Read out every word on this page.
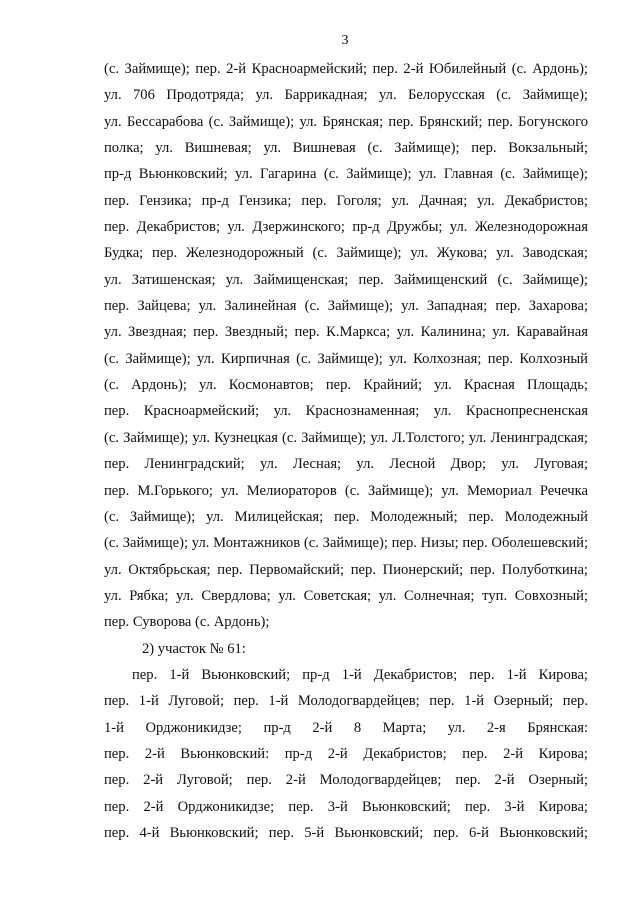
3
(с. Займище); пер. 2-й Красноармейский; пер. 2-й Юбилейный (с. Ардонь);
ул. 706 Продотряда; ул. Баррикадная; ул. Белорусская (с. Займище);
ул. Бессарабова (с. Займище); ул. Брянская; пер. Брянский; пер. Богунского
полка; ул. Вишневая; ул. Вишневая (с. Займище); пер. Вокзальный;
пр-д Вьюнковский; ул. Гагарина (с. Займище); ул. Главная (с. Займище);
пер. Гензика; пр-д Гензика; пер. Гоголя; ул. Дачная; ул. Декабристов;
пер. Декабристов; ул. Дзержинского; пр-д Дружбы; ул. Железнодорожная
Будка; пер. Железнодорожный (с. Займище); ул. Жукова; ул. Заводская;
ул. Затишенская; ул. Займищенская; пер. Займищенский (с. Займище);
пер. Зайцева; ул. Залинейная (с. Займище); ул. Западная; пер. Захарова;
ул. Звездная; пер. Звездный; пер. К.Маркса; ул. Калинина; ул. Каравайная
(с. Займище); ул. Кирпичная (с. Займище); ул. Колхозная; пер. Колхозный
(с. Ардонь); ул. Космонавтов; пер. Крайний; ул. Красная Площадь;
пер. Красноармейский; ул. Краснознаменная; ул. Краснопресненская
(с. Займище); ул. Кузнецкая (с. Займище); ул. Л.Толстого; ул. Ленинградская;
пер. Ленинградский; ул. Лесная; ул. Лесной Двор; ул. Луговая;
пер. М.Горького; ул. Мелиораторов (с. Займище); ул. Мемориал Речечка
(с. Займище); ул. Милицейская; пер. Молодежный; пер. Молодежный
(с. Займище); ул. Монтажников (с. Займище); пер. Низы; пер. Оболешевский;
ул. Октябрьская; пер. Первомайский; пер. Пионерский; пер. Полуботкина;
ул. Рябка; ул. Свердлова; ул. Советская; ул. Солнечная; туп. Совхозный;
пер. Суворова (с. Ардонь);
2) участок № 61:
пер. 1-й Вьюнковский; пр-д 1-й Декабристов; пер. 1-й Кирова;
пер. 1-й Луговой; пер. 1-й Молодогвардейцев; пер. 1-й Озерный; пер.
1-й Орджоникидзе; пр-д 2-й 8 Марта; ул. 2-я Брянская:
пер. 2-й Вьюнковский: пр-д 2-й Декабристов; пер. 2-й Кирова;
пер. 2-й Луговой; пер. 2-й Молодогвардейцев; пер. 2-й Озерный;
пер. 2-й Орджоникидзе; пер. 3-й Вьюнковский; пер. 3-й Кирова;
пер. 4-й Вьюнковский; пер. 5-й Вьюнковский; пер. 6-й Вьюнковский;
